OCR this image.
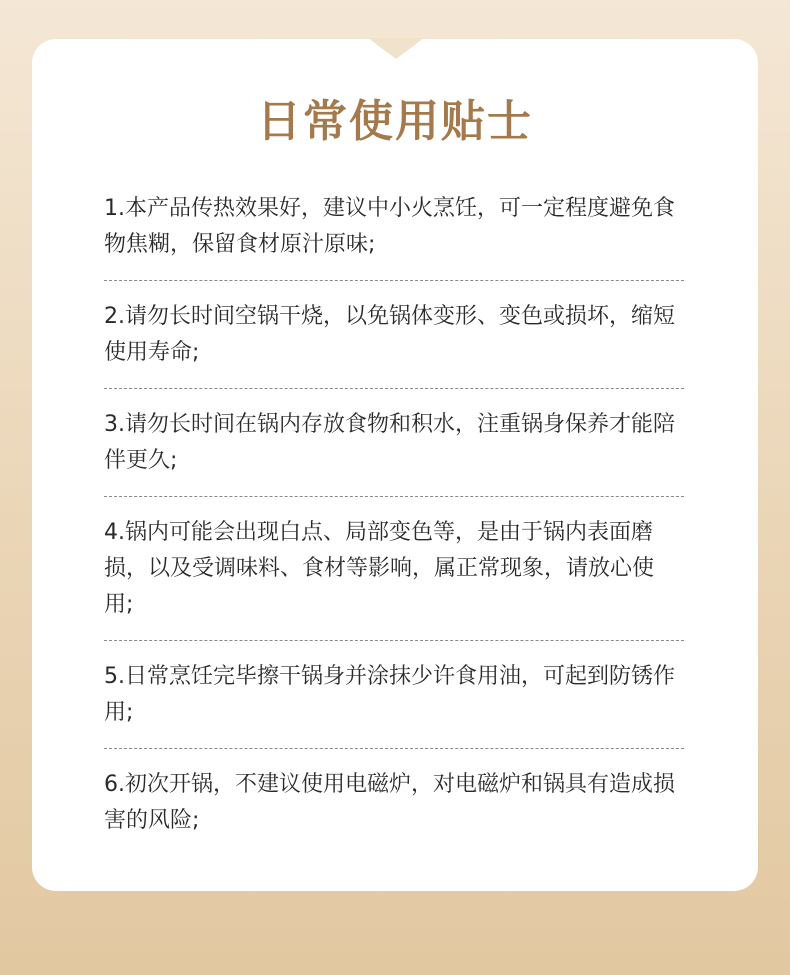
日常使用贴士
1.本产品传热效果好，建议中小火烹饪，可一定程度避免食物焦糊，保留食材原汁原味;
2.请勿长时间空锅干烧，以免锅体变形、变色或损坏，缩短使用寿命;
3.请勿长时间在锅内存放食物和积水，注重锅身保养才能陪伴更久;
4.锅内可能会出现白点、局部变色等，是由于锅内表面磨损，以及受调味料、食材等影响，属正常现象，请放心使用;
5.日常烹饪完毕擦干锅身并涂抹少许食用油，可起到防锈作用;
6.初次开锅，不建议使用电磁炉，对电磁炉和锅具有造成损害的风险;
